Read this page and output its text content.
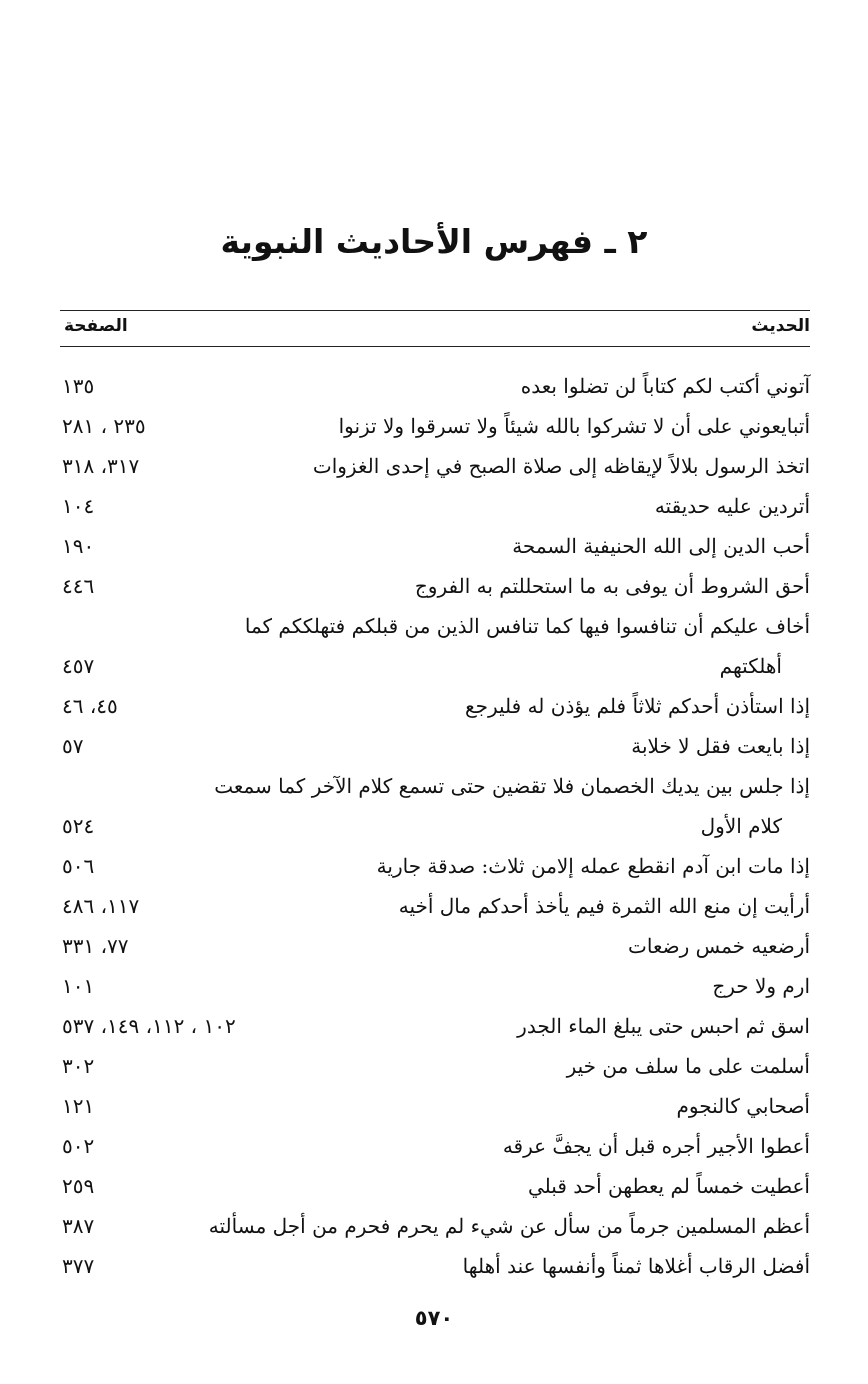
٢ ـ فهرس الأحاديث النبوية
الحديث
الصفحة
آتوني أكتب لكم كتاباً لن تضلوا بعده
١٣٥
أتبايعوني على أن لا تشركوا بالله شيئاً ولا تسرقوا ولا تزنوا
٢٣٥ ، ٢٨١
اتخذ الرسول بلالاً لإيقاظه إلى صلاة الصبح في إحدى الغزوات
٣١٧، ٣١٨
أتردين عليه حديقته
١٠٤
أحب الدين إلى الله الحنيفية السمحة
١٩٠
أحق الشروط أن يوفى به ما استحللتم به الفروج
٤٤٦
أخاف عليكم أن تنافسوا فيها كما تنافس الذين من قبلكم فتهلككم كما
أهلكتهم
٤٥٧
إذا استأذن أحدكم ثلاثاً فلم يؤذن له فليرجع
٤٥، ٤٦
إذا بايعت فقل لا خلابة
٥٧
إذا جلس بين يديك الخصمان فلا تقضين حتى تسمع كلام الآخر كما سمعت
كلام الأول
٥٢٤
إذا مات ابن آدم انقطع عمله إلامن ثلاث: صدقة جارية
٥٠٦
أرأيت إن منع الله الثمرة فيم يأخذ أحدكم مال أخيه
١١٧، ٤٨٦
أرضعيه خمس رضعات
٧٧، ٣٣١
ارم ولا حرج
١٠١
اسق ثم احبس حتى يبلغ الماء الجدر
١٠٢ ، ١١٢، ١٤٩، ٥٣٧
أسلمت على ما سلف من خير
٣٠٢
أصحابي كالنجوم
١٢١
أعطوا الأجير أجره قبل أن يجفَّ عرقه
٥٠٢
أعطيت خمساً لم يعطهن أحد قبلي
٢٥٩
أعظم المسلمين جرماً من سأل عن شيء لم يحرم فحرم من أجل مسألته
٣٨٧
أفضل الرقاب أغلاها ثمناً وأنفسها عند أهلها
٣٧٧
٥٧٠
